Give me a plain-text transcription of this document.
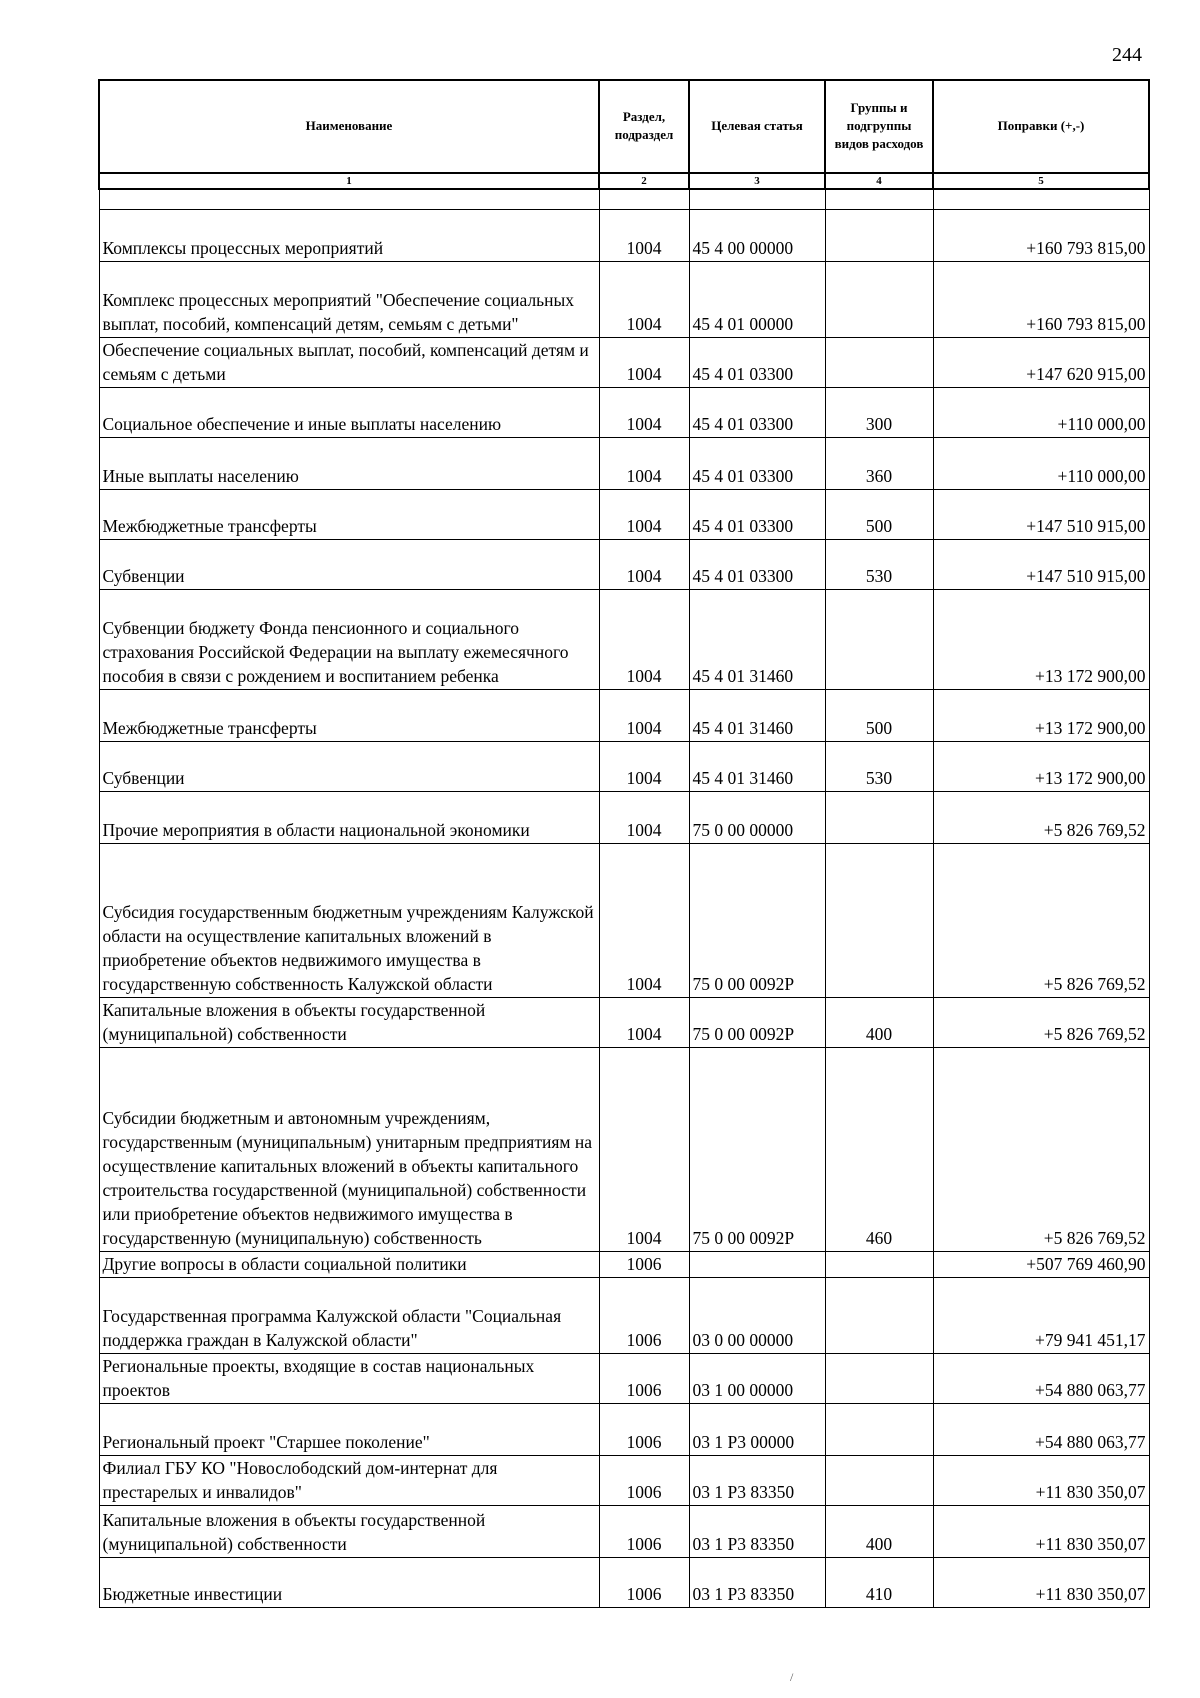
244
Наименование	Раздел, подраздел	Целевая статья	Группы и подгруппы видов расходов	Поправки (+,-)
1	2	3	4	5

Комплексы процессных мероприятий	1004	45 4 00 00000		+160 793 815,00
Комплекс процессных мероприятий "Обеспечение социальных выплат, пособий, компенсаций детям, семьям с детьми"	1004	45 4 01 00000		+160 793 815,00
Обеспечение социальных выплат, пособий, компенсаций детям и семьям с детьми	1004	45 4 01 03300		+147 620 915,00
Социальное обеспечение и иные выплаты населению	1004	45 4 01 03300	300	+110 000,00
Иные выплаты населению	1004	45 4 01 03300	360	+110 000,00
Межбюджетные трансферты	1004	45 4 01 03300	500	+147 510 915,00
Субвенции	1004	45 4 01 03300	530	+147 510 915,00
Субвенции бюджету Фонда пенсионного и социального страхования Российской Федерации на выплату ежемесячного пособия в связи с рождением и воспитанием ребенка	1004	45 4 01 31460		+13 172 900,00
Межбюджетные трансферты	1004	45 4 01 31460	500	+13 172 900,00
Субвенции	1004	45 4 01 31460	530	+13 172 900,00
Прочие мероприятия в области национальной экономики	1004	75 0 00 00000		+5 826 769,52
Субсидия государственным бюджетным учреждениям Калужской области на осуществление капитальных вложений в приобретение объектов недвижимого имущества в государственную собственность Калужской области	1004	75 0 00 0092Р		+5 826 769,52
Капитальные вложения в объекты государственной (муниципальной) собственности	1004	75 0 00 0092Р	400	+5 826 769,52
Субсидии бюджетным и автономным учреждениям, государственным (муниципальным) унитарным предприятиям на осуществление капитальных вложений в объекты капитального строительства государственной (муниципальной) собственности или приобретение объектов недвижимого имущества в государственную (муниципальную) собственность	1004	75 0 00 0092Р	460	+5 826 769,52
Другие вопросы в области социальной политики	1006			+507 769 460,90
Государственная программа Калужской области "Социальная поддержка граждан в Калужской области"	1006	03 0 00 00000		+79 941 451,17
Региональные проекты, входящие в состав национальных проектов	1006	03 1 00 00000		+54 880 063,77
Региональный проект "Старшее поколение"	1006	03 1 Р3 00000		+54 880 063,77
Филиал ГБУ КО "Новослободский дом-интернат для престарелых и инвалидов"	1006	03 1 Р3 83350		+11 830 350,07
Капитальные вложения в объекты государственной (муниципальной) собственности	1006	03 1 Р3 83350	400	+11 830 350,07
Бюджетные инвестиции	1006	03 1 Р3 83350	410	+11 830 350,07
/
